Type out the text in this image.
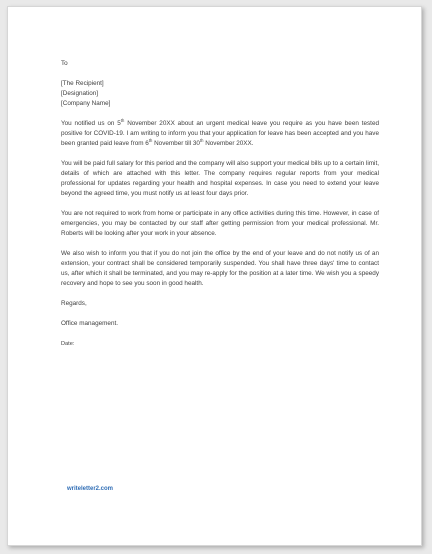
To

[The Recipient]

[Designation]

[Company Name]

You notified us on 5th November 20XX about an urgent medical leave you require as you have been tested positive for COVID-19. I am writing to inform you that your application for leave has been accepted and you have been granted paid leave from 6th November till 30th November 20XX.

You will be paid full salary for this period and the company will also support your medical bills up to a certain limit, details of which are attached with this letter. The company requires regular reports from your medical professional for updates regarding your health and hospital expenses. In case you need to extend your leave beyond the agreed time, you must notify us at least four days prior.

You are not required to work from home or participate in any office activities during this time. However, in case of emergencies, you may be contacted by our staff after getting permission from your medical professional. Mr. Roberts will be looking after your work in your absence.

We also wish to inform you that if you do not join the office by the end of your leave and do not notify us of an extension, your contract shall be considered temporarily suspended. You shall have three days' time to contact us, after which it shall be terminated, and you may re-apply for the position at a later time. We wish you a speedy recovery and hope to see you soon in good health.

Regards,

Office management.

Date:

writeletter2.com
